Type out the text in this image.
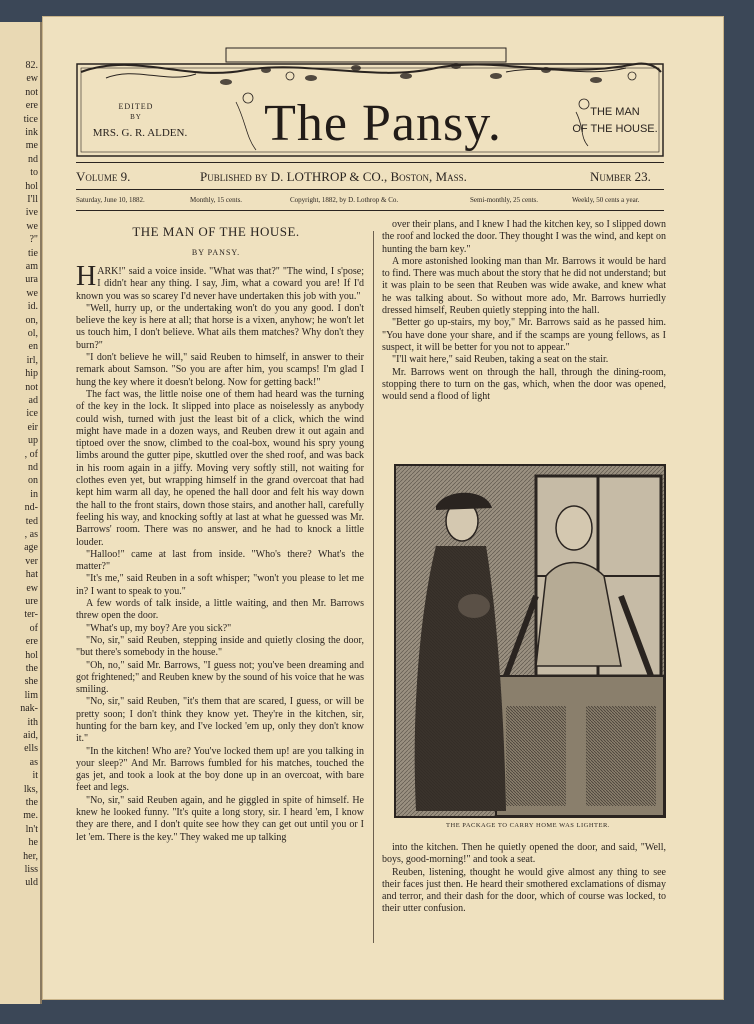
82.
ew
not
ere
tice
ink
me
nd
to
hol
I'll
ive
we
?"
tie
am
ura
we
id.
on,
ol,
en
irl,
hip
not
ad
ice
eir
up
, of
nd
on
in
nd-
ted
, as
age
ver
hat
ew
ure
ter-
of
ere
hol
the
she
lim
nak-
ith
aid,
ells
as
it
lks,
the
me.
ln't
he
her,
liss
uld
EDITED
BY
MRS. G. R. ALDEN.	The Pansy.	THE MAN
OF THE HOUSE.
Volume 9.	Published by D. LOTHROP & CO., Boston, Mass.	Number 23.
Saturday, June 10, 1882.	Monthly, 15 cents.	Copyright, 1882, by D. Lothrop & Co.	Semi-monthly, 25 cents.	Weekly, 50 cents a year.
THE MAN OF THE HOUSE.
BY PANSY.
H ARK!" said a voice inside. "What was that?" "The wind, I s'pose; I didn't hear any thing. I say, Jim, what a coward you are! If I'd known you was so scarey I'd never have undertaken this job with you."

"Well, hurry up, or the undertaking won't do you any good. I don't believe the key is here at all; that horse is a vixen, anyhow; he won't let us touch him, I don't believe. What ails them matches? Why don't they burn?"

"I don't believe he will," said Reuben to himself, in answer to their remark about Samson. "So you are after him, you scamps! I'm glad I hung the key where it doesn't belong. Now for getting back!"

The fact was, the little noise one of them had heard was the turning of the key in the lock. It slipped into place as noiselessly as anybody could wish, turned with just the least bit of a click, which the wind might have made in a dozen ways, and Reuben drew it out again and tiptoed over the snow, climbed to the coal-box, wound his spry young limbs around the gutter pipe, skuttled over the shed roof, and was back in his room again in a jiffy. Moving very softly still, not waiting for clothes even yet, but wrapping himself in the grand overcoat that had kept him warm all day, he opened the hall door and felt his way down the hall to the front stairs, down those stairs, and another hall, carefully feeling his way, and knocking softly at last at what he guessed was Mr. Barrows' room. There was no answer, and he had to knock a little louder.

"Halloo!" came at last from inside. "Who's there? What's the matter?"

"It's me," said Reuben in a soft whisper; "won't you please to let me in? I want to speak to you."

A few words of talk inside, a little waiting, and then Mr. Barrows threw open the door.

"What's up, my boy? Are you sick?"

"No, sir," said Reuben, stepping inside and quietly closing the door, "but there's somebody in the house."

"Oh, no," said Mr. Barrows, "I guess not; you've been dreaming and got frightened;" and Reuben knew by the sound of his voice that he was smiling.

"No, sir," said Reuben, "it's them that are scared, I guess, or will be pretty soon; I don't think they know yet. They're in the kitchen, sir, hunting for the barn key, and I've locked 'em up, only they don't know it."

"In the kitchen! Who are? You've locked them up! are you talking in your sleep?" And Mr. Barrows fumbled for his matches, touched the gas jet, and took a look at the boy done up in an overcoat, with bare feet and legs.

"No, sir," said Reuben again, and he giggled in spite of himself. He knew he looked funny. "It's quite a long story, sir. I heard 'em, I know they are there, and I don't quite see how they can get out until you or I let 'em. There is the key." They waked me up talking

over their plans, and I knew I had the kitchen key, so I slipped down the roof and locked the door. They thought I was the wind, and kept on hunting the barn key."

A more astonished looking man than Mr. Barrows it would be hard to find. There was much about the story that he did not understand; but it was plain to be seen that Reuben was wide awake, and knew what he was talking about. So without more ado, Mr. Barrows hurriedly dressed himself, Reuben quietly stepping into the hall.

"Better go up-stairs, my boy," Mr. Barrows said as he passed him. "You have done your share, and if the scamps are young fellows, as I suspect, it will be better for you not to appear."

"I'll wait here," said Reuben, taking a seat on the stair.

Mr. Barrows went on through the hall, through the dining-room, stopping there to turn on the gas, which, when the door was opened, would send a flood of light

THE PACKAGE TO CARRY HOME WAS LIGHTER.

into the kitchen. Then he quietly opened the door, and said, "Well, boys, good-morning!" and took a seat.

Reuben, listening, thought he would give almost any thing to see their faces just then. He heard their smothered exclamations of dismay and terror, and their dash for the door, which of course was locked, to their utter confusion.
